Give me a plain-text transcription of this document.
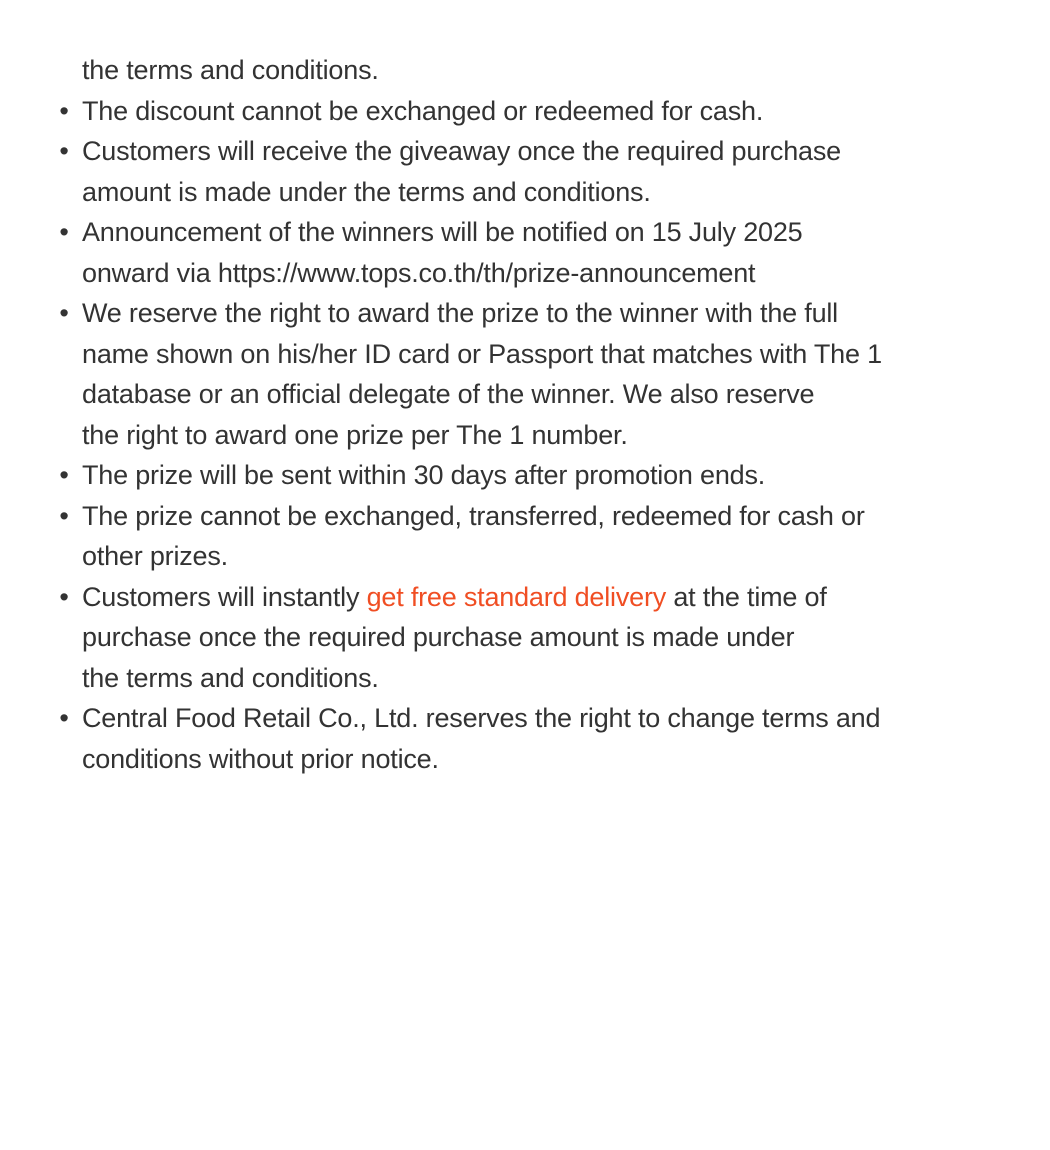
the terms and conditions.

• The discount cannot be exchanged or redeemed for cash.
• Customers will receive the giveaway once the required purchase
amount is made under the terms and conditions.
• Announcement of the winners will be notified on 15 July 2025
onward via https://www.tops.co.th/th/prize-announcement
• We reserve the right to award the prize to the winner with the full
name shown on his/her ID card or Passport that matches with The 1
database or an official delegate of the winner. We also reserve
the right to award one prize per The 1 number.
• The prize will be sent within 30 days after promotion ends.
• The prize cannot be exchanged, transferred, redeemed for cash or
other prizes.
• Customers will instantly get free standard delivery at the time of
purchase once the required purchase amount is made under
the terms and conditions.
• Central Food Retail Co., Ltd. reserves the right to change terms and
conditions without prior notice.
